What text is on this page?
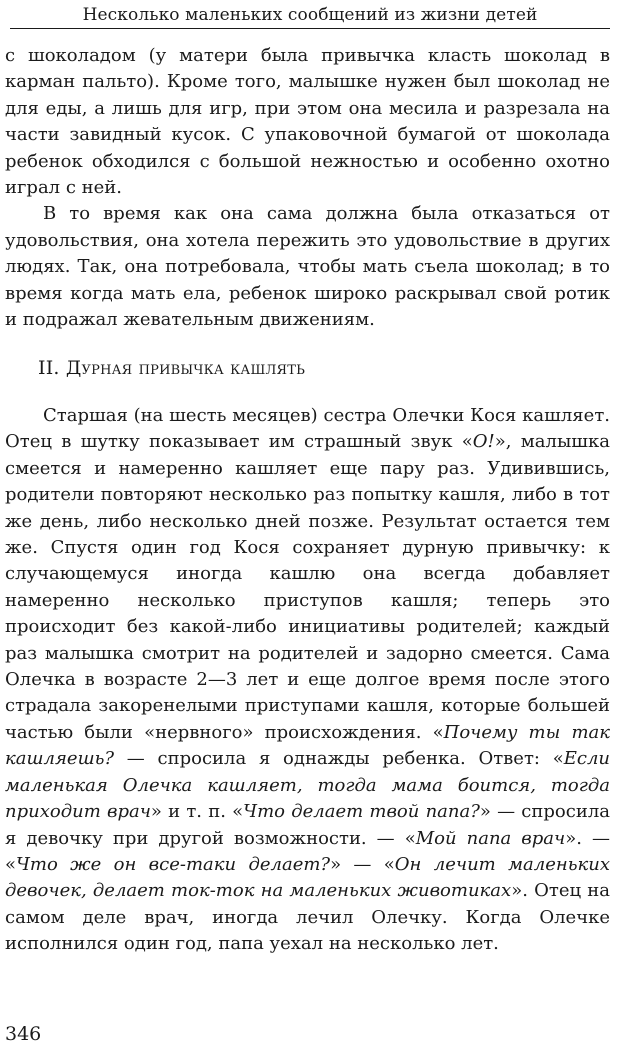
Несколько маленьких сообщений из жизни детей

с шоколадом (у матери была привычка класть шоколад в карман пальто). Кроме того, малышке нужен был шоколад не для еды, а лишь для игр, при этом она месила и разрезала на части завидный кусок. С упаковочной бумагой от шоколада ребенок обходился с большой нежностью и особенно охотно играл с ней.

В то время как она сама должна была отказаться от удовольствия, она хотела пережить это удовольствие в других людях. Так, она потребовала, чтобы мать съела шоколад; в то время когда мать ела, ребенок широко раскрывал свой ротик и подражал жевательным движениям.

II. Дурная привычка кашлять

Старшая (на шесть месяцев) сестра Олечки Кося кашляет. Отец в шутку показывает им страшный звук «О!», малышка смеется и намеренно кашляет еще пару раз. Удивившись, родители повторяют несколько раз попытку кашля, либо в тот же день, либо несколько дней позже. Результат остается тем же. Спустя один год Кося сохраняет дурную привычку: к случающемуся иногда кашлю она всегда добавляет намеренно несколько приступов кашля; теперь это происходит без какой-либо инициативы родителей; каждый раз малышка смотрит на родителей и задорно смеется. Сама Олечка в возрасте 2—3 лет и еще долгое время после этого страдала закоренелыми приступами кашля, которые большей частью были «нервного» происхождения. «Почему ты так кашляешь? — спросила я однажды ребенка. Ответ: «Если маленькая Олечка кашляет, тогда мама боится, тогда приходит врач» и т. п. «Что делает твой папа?» — спросила я девочку при другой возможности. — «Мой папа врач». — «Что же он все-таки делает?» — «Он лечит маленьких девочек, делает ток-ток на маленьких животиках». Отец на самом деле врач, иногда лечил Олечку. Когда Олечке исполнился один год, папа уехал на несколько лет.

346
